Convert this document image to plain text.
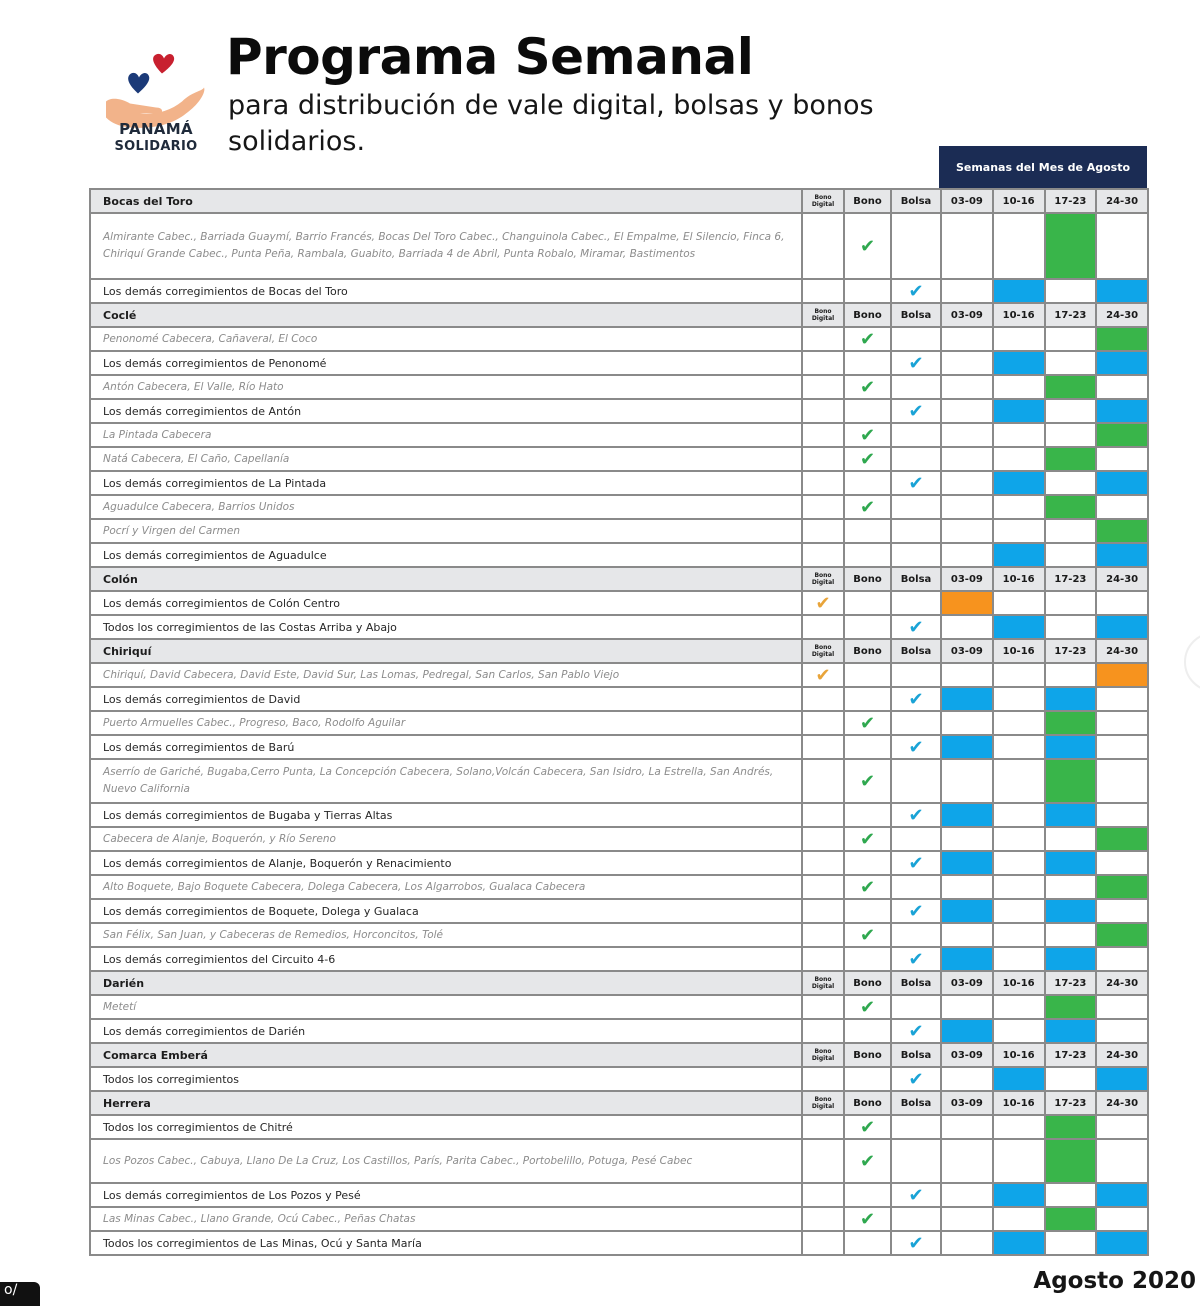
PANAMÁ
SOLIDARIO
Programa Semanal
para distribución de vale digital, bolsas y bonos solidarios.
Semanas del Mes de Agosto
Bocas del Toro	Bono Digital	Bono	Bolsa	03-09	10-16	17-23	24-30
Almirante Cabec., Barriada Guaymí, Barrio Francés, Bocas Del Toro Cabec., Changuinola Cabec., El Empalme, El Silencio, Finca 6, Chiriquí Grande Cabec., Punta Peña, Rambala, Guabito, Barriada 4 de Abril, Punta Robalo, Miramar, Bastimentos		✔					
Los demás corregimientos de Bocas del Toro			✔				
Coclé	Bono Digital	Bono	Bolsa	03-09	10-16	17-23	24-30
Penonomé Cabecera, Cañaveral, El Coco		✔					
Los demás corregimientos de Penonomé			✔				
Antón Cabecera, El Valle, Río Hato		✔					
Los demás corregimientos de Antón			✔				
La Pintada Cabecera		✔					
Natá Cabecera, El Caño, Capellanía		✔					
Los demás corregimientos de La Pintada			✔				
Aguadulce Cabecera, Barrios Unidos		✔					
Pocrí y Virgen del Carmen							
Los demás corregimientos de Aguadulce							
Colón	Bono Digital	Bono	Bolsa	03-09	10-16	17-23	24-30
Los demás corregimientos de Colón Centro	✔						
Todos los corregimientos de las Costas Arriba y Abajo			✔				
Chiriquí	Bono Digital	Bono	Bolsa	03-09	10-16	17-23	24-30
Chiriquí, David Cabecera, David Este, David Sur, Las Lomas, Pedregal, San Carlos, San Pablo Viejo	✔						
Los demás corregimientos de David			✔				
Puerto Armuelles Cabec., Progreso, Baco, Rodolfo Aguilar		✔					
Los demás corregimientos de Barú			✔				
Aserrío de Gariché, Bugaba,Cerro Punta, La Concepción Cabecera, Solano,Volcán Cabecera, San Isidro, La Estrella, San Andrés, Nuevo California		✔					
Los demás corregimientos de Bugaba y Tierras Altas			✔				
Cabecera de Alanje, Boquerón, y Río Sereno		✔					
Los demás corregimientos de Alanje, Boquerón y Renacimiento			✔				
Alto Boquete, Bajo Boquete Cabecera, Dolega Cabecera, Los Algarrobos, Gualaca Cabecera		✔					
Los demás corregimientos de Boquete, Dolega y Gualaca			✔				
San Félix, San Juan, y Cabeceras de Remedios, Horconcitos, Tolé		✔					
Los demás corregimientos del Circuito 4-6			✔				
Darién	Bono Digital	Bono	Bolsa	03-09	10-16	17-23	24-30
Metetí		✔					
Los demás corregimientos de Darién			✔				
Comarca Emberá	Bono Digital	Bono	Bolsa	03-09	10-16	17-23	24-30
Todos los corregimientos			✔				
Herrera	Bono Digital	Bono	Bolsa	03-09	10-16	17-23	24-30
Todos los corregimientos de Chitré		✔					
Los Pozos Cabec., Cabuya, Llano De La Cruz, Los Castillos, París, Parita Cabec., Portobelillo, Potuga, Pesé Cabec		✔					
Los demás corregimientos de Los Pozos y Pesé			✔				
Las Minas Cabec., Llano Grande, Ocú Cabec., Peñas Chatas		✔					
Todos los corregimientos de Las Minas, Ocú y Santa María			✔				
o/	Agosto 2020
